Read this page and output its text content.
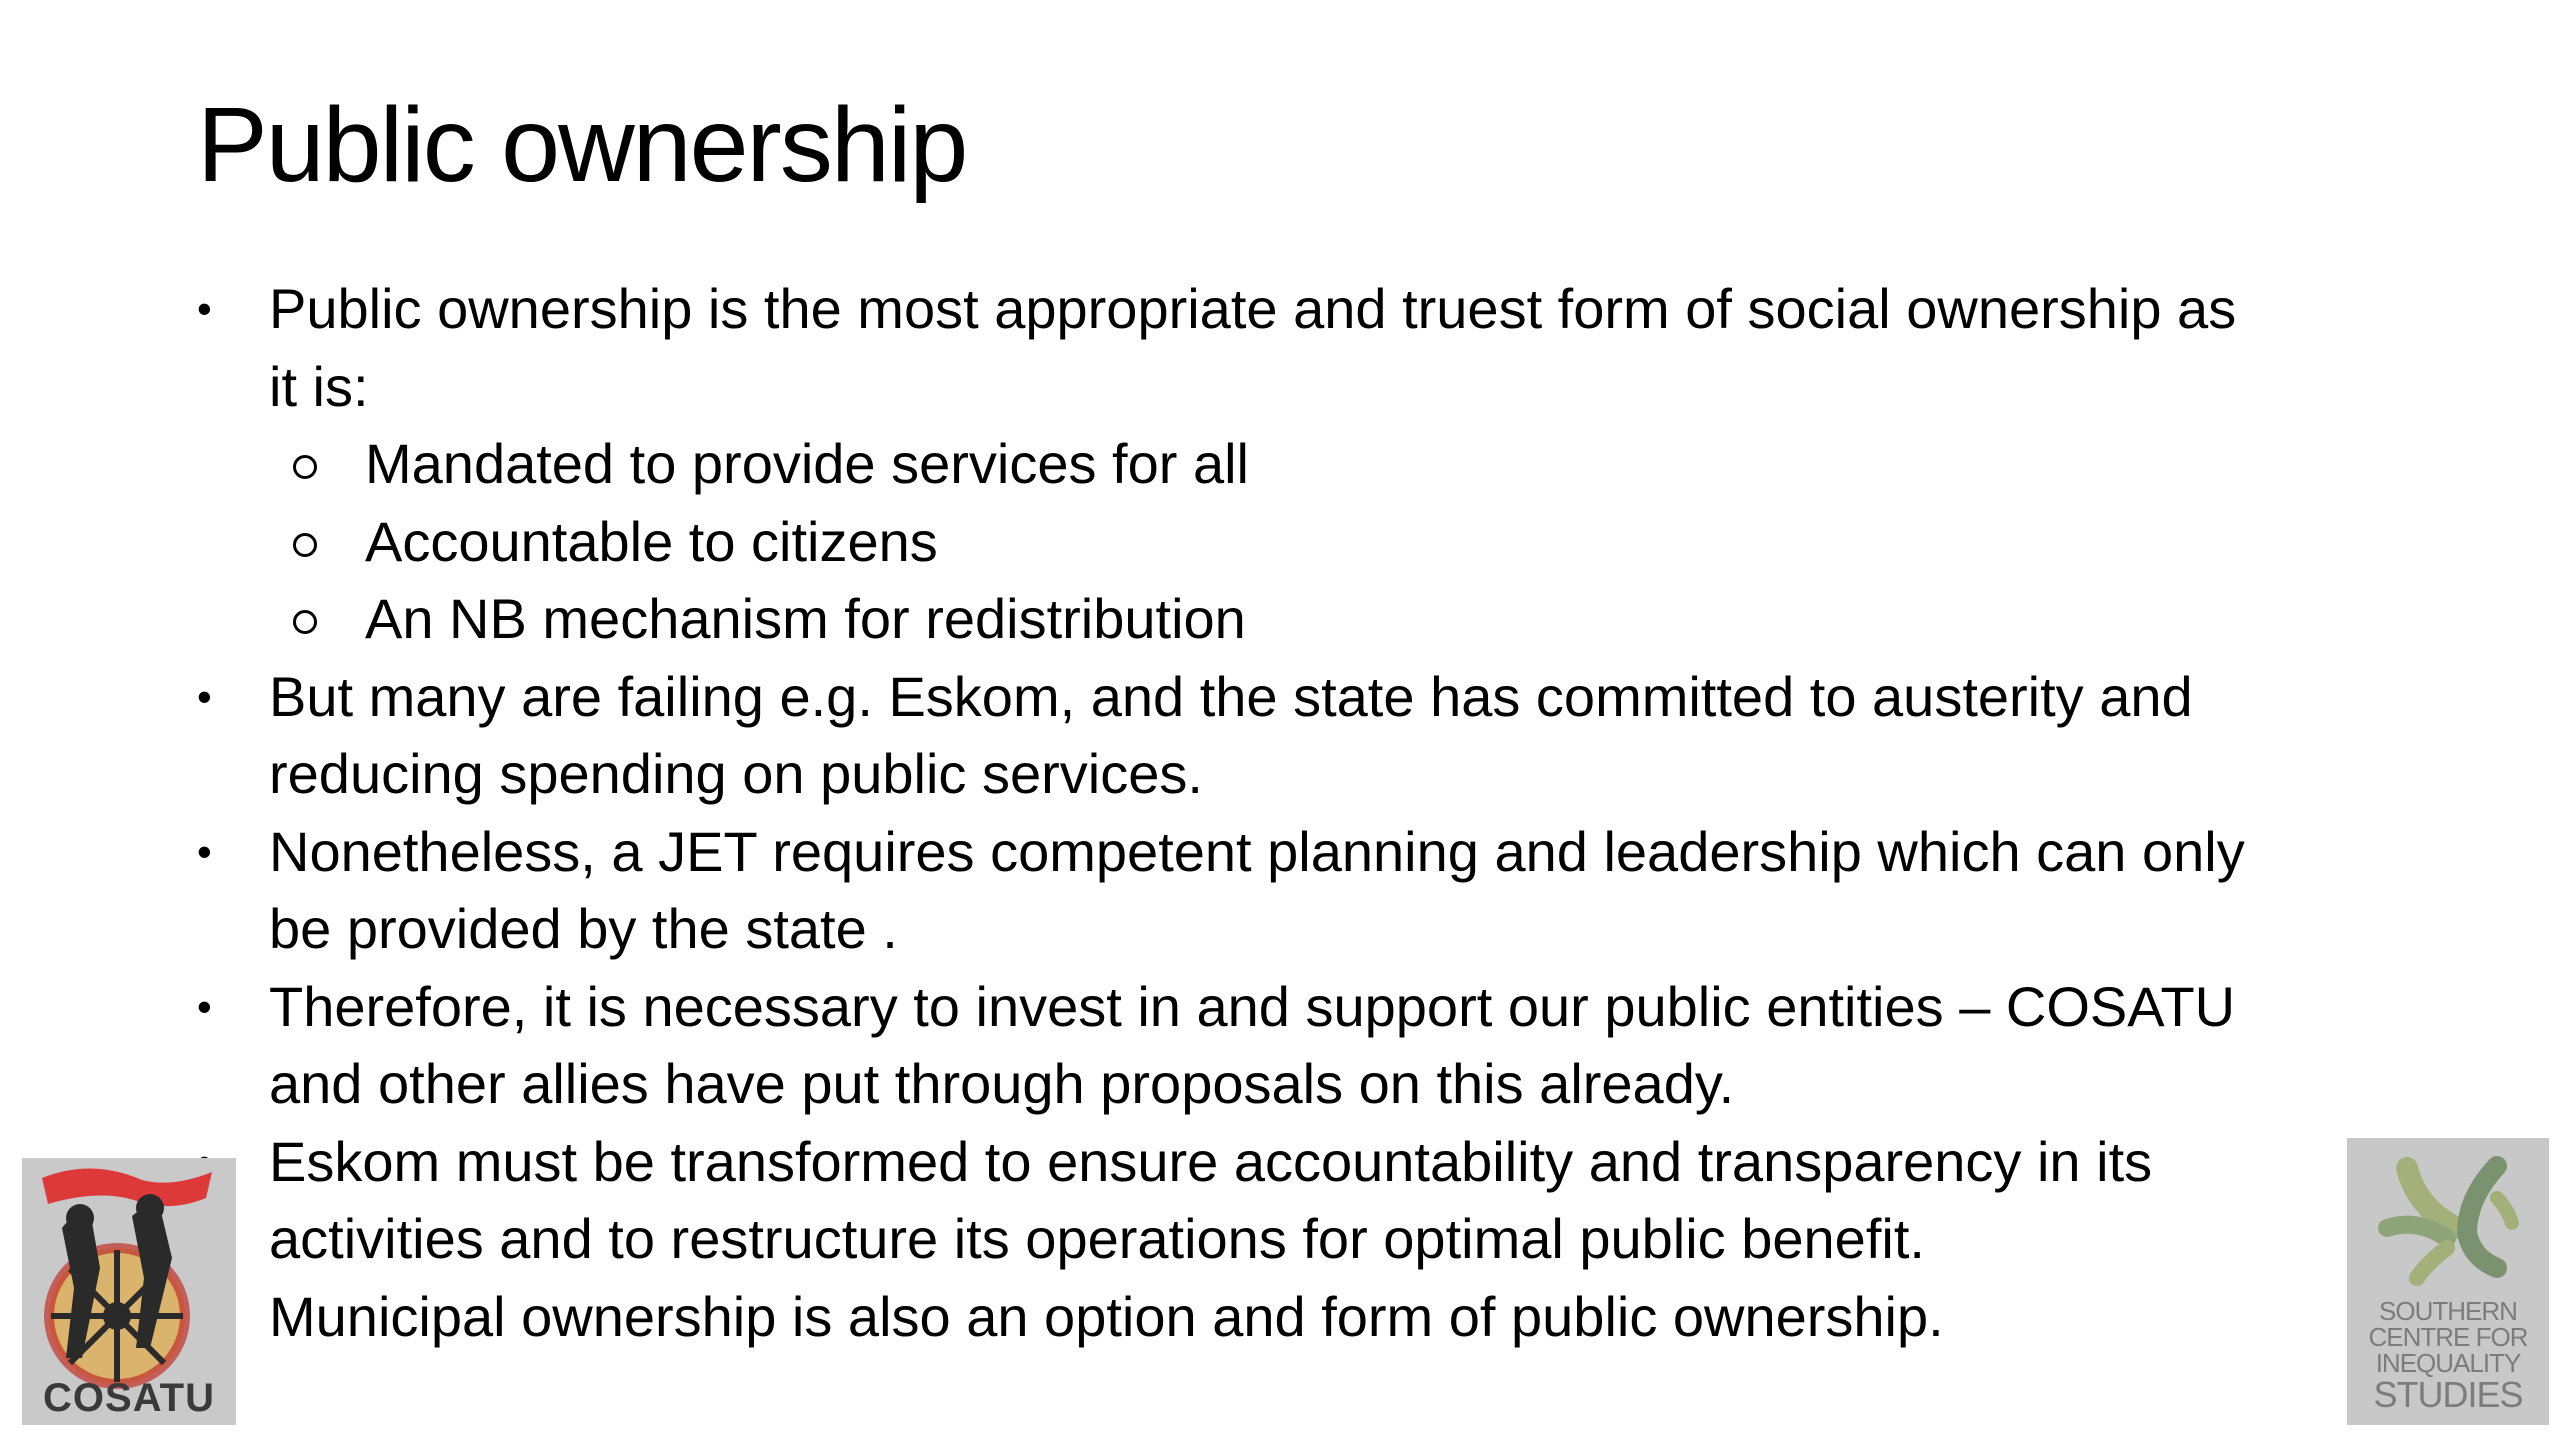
Public ownership
•	Public ownership is the most appropriate and truest form of social ownership as
it is:
Mandated to provide services for all
Accountable to citizens
An NB mechanism for redistribution
•	But many are failing e.g. Eskom, and the state has committed to austerity and
reducing spending on public services.
•	Nonetheless, a JET requires competent planning and leadership which can only
be provided by the state .
•	Therefore, it is necessary to invest in and support our public entities – COSATU
and other allies have put through proposals on this already.
Eskom must be transformed to ensure accountability and transparency in its
activities and to restructure its operations for optimal public benefit.
Municipal ownership is also an option and form of public ownership.
COSATU
SOUTHERN
CENTRE FOR
INEQUALITY
STUDIES
